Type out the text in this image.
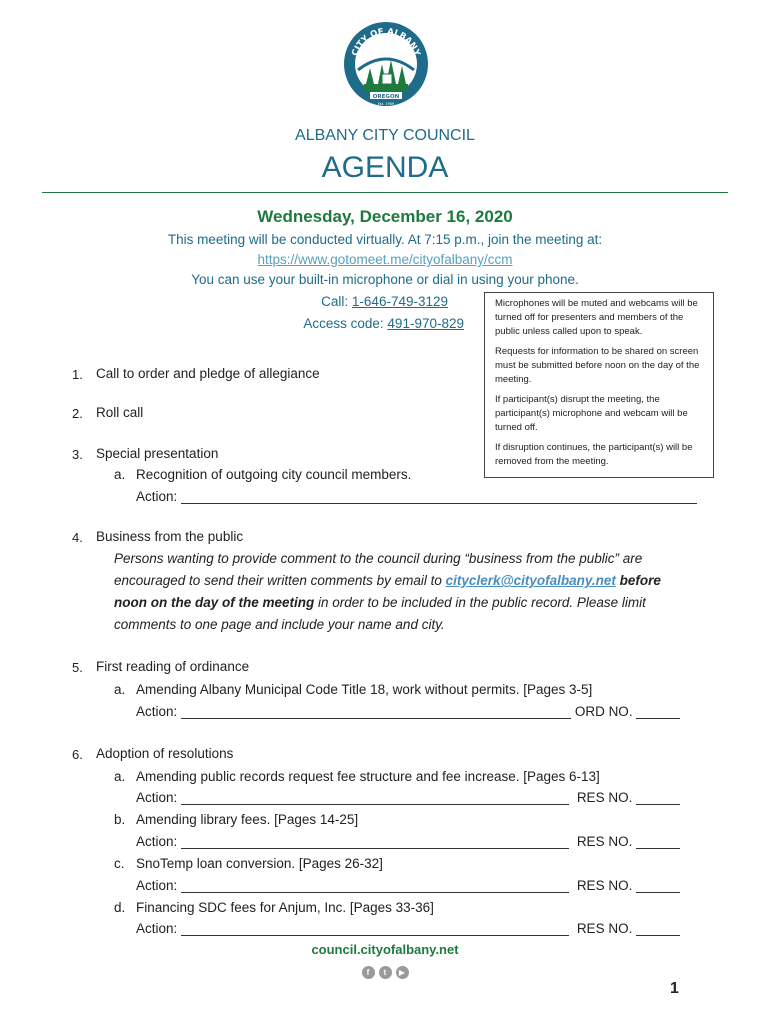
CITY OF ALBANY
OREGON
Est. 1909
ALBANY CITY COUNCIL
AGENDA
Wednesday, December 16, 2020
This meeting will be conducted virtually. At 7:15 p.m., join the meeting at:
https://www.gotomeet.me/cityofalbany/ccm
You can use your built-in microphone or dial in using your phone.
Call: 1-646-749-3129
Access code: 491-970-829

Microphones will be muted and webcams will be turned off for presenters and members of the public unless called upon to speak.

Requests for information to be shared on screen must be submitted before noon on the day of the meeting.

If participant(s) disrupt the meeting, the participant(s) microphone and webcam will be turned off.

If disruption continues, the participant(s) will be removed from the meeting.

1. Call to order and pledge of allegiance
2. Roll call
3. Special presentation
a. Recognition of outgoing city council members.
Action:
4. Business from the public
Persons wanting to provide comment to the council during “business from the public” are
encouraged to send their written comments by email to cityclerk@cityofalbany.net before
noon on the day of the meeting in order to be included in the public record. Please limit
comments to one page and include your name and city.
5. First reading of ordinance
a. Amending Albany Municipal Code Title 18, work without permits. [Pages 3-5]
Action:	ORD NO.
6. Adoption of resolutions
a. Amending public records request fee structure and fee increase. [Pages 6-13]
Action:	RES NO.
b. Amending library fees. [Pages 14-25]
Action:	RES NO.
c. SnoTemp loan conversion. [Pages 26-32]
Action:	RES NO.
d. Financing SDC fees for Anjum, Inc. [Pages 33-36]
Action:	RES NO.
council.cityofalbany.net
f t ▶
1
